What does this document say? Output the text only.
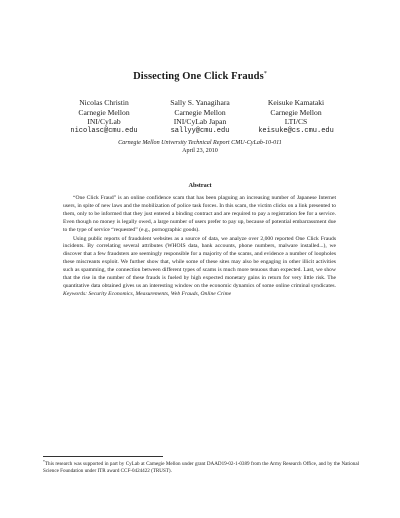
Dissecting One Click Frauds*
Nicolas Christin
Carnegie Mellon
INI/CyLab
nicolasc@cmu.edu
Sally S. Yanagihara
Carnegie Mellon
INI/CyLab Japan
sallyy@cmu.edu
Keisuke Kamataki
Carnegie Mellon
LTI/CS
keisuke@cs.cmu.edu
Carnegie Mellon University Technical Report CMU-CyLab-10-011
April 23, 2010
Abstract

“One Click Fraud” is an online confidence scam that has been plaguing an increasing number of Japanese Internet users, in spite of new laws and the mobilization of police task forces. In this scam, the victim clicks on a link presented to them, only to be informed that they just entered a binding contract and are required to pay a registration fee for a service. Even though no money is legally owed, a large number of users prefer to pay up, because of potential embarrassment due to the type of service “requested” (e.g., pornographic goods).

Using public reports of fraudulent websites as a source of data, we analyze over 2,000 reported One Click Frauds incidents. By correlating several attributes (WHOIS data, bank accounts, phone numbers, malware installed...), we discover that a few fraudsters are seemingly responsible for a majority of the scams, and evidence a number of loopholes these miscreants exploit. We further show that, while some of these sites may also be engaging in other illicit activities such as spamming, the connection between different types of scams is much more tenuous than expected. Last, we show that the rise in the number of these frauds is fueled by high expected monetary gains in return for very little risk. The quantitative data obtained gives us an interesting window on the economic dynamics of some online criminal syndicates. Keywords: Security Economics, Measurements, Web Frauds, Online Crime

*This research was supported in part by CyLab at Carnegie Mellon under grant DAAD19-02-1-0389 from the Army Research Office, and by the National Science Foundation under ITR award CCF-0424422 (TRUST).
